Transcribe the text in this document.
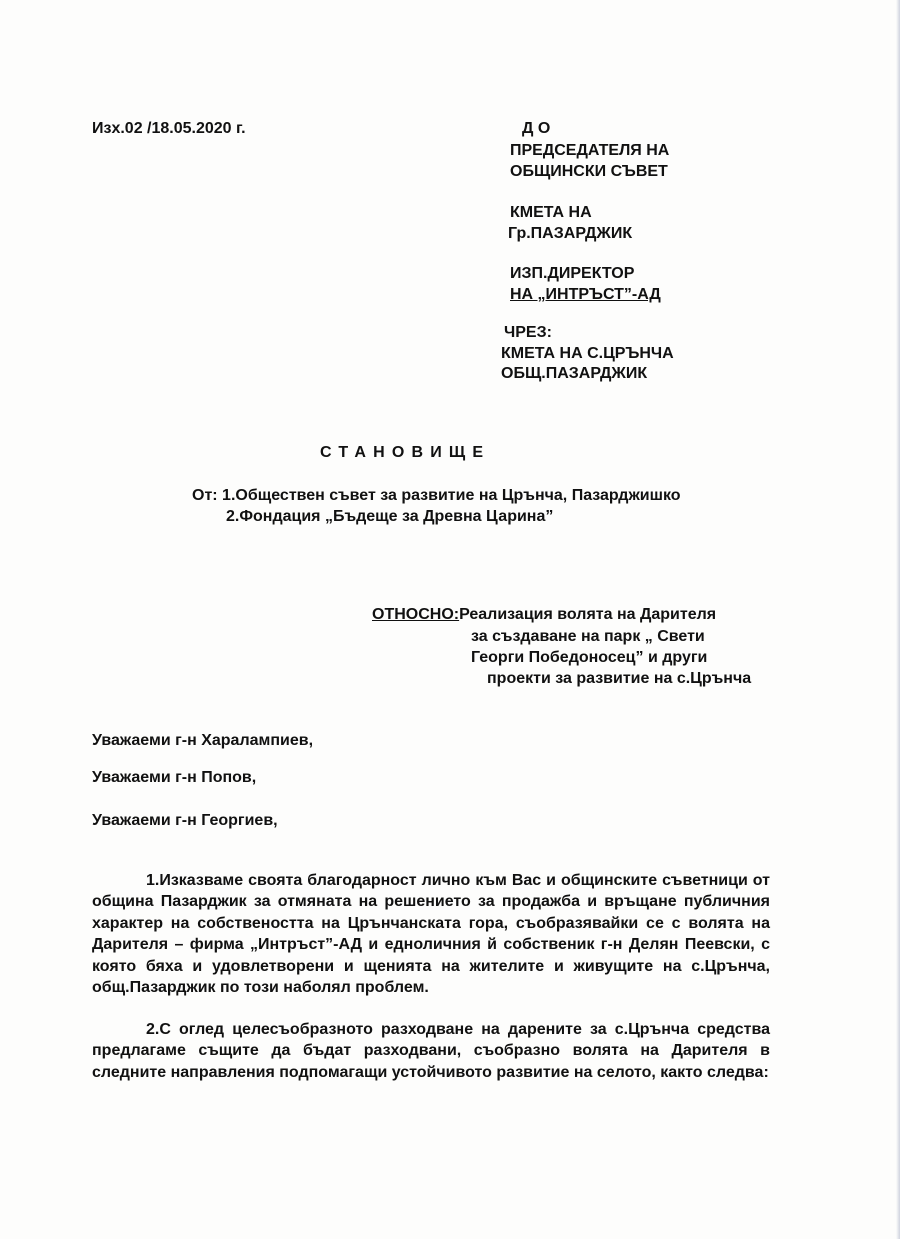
Изх.02 /18.05.2020 г.	Д О
ПРЕДСЕДАТЕЛЯ НА
ОБЩИНСКИ СЪВЕТ
КМЕТА НА
Гр.ПАЗАРДЖИК
ИЗП.ДИРЕКТОР
НА „ИНТРЪСТ”-АД
ЧРЕЗ:
КМЕТА НА С.ЦРЪНЧА
ОБЩ.ПАЗАРДЖИК
СТАНОВИЩЕ
От: 1.Обществен съвет за развитие на Црънча, Пазарджишко
2.Фондация „Бъдеще за Древна Царина”
ОТНОСНО:Реализация волята на Дарителя
за създаване на парк „ Свети
Георги Победоносец” и други
проекти за развитие на с.Црънча
Уважаеми г-н Харалампиев,
Уважаеми г-н Попов,
Уважаеми г-н Георгиев,

1.Изказваме своята благодарност лично към Вас и общинските съветници от община Пазарджик за отмяната на решението за продажба и връщане публичния характер на собствеността на Црънчанската гора, съобразявайки се с волята на Дарителя – фирма „Интръст”-АД и едноличния й собственик г-н Делян Пеевски, с която бяха и удовлетворени и щенията на жителите и живущите на с.Црънча, общ.Пазарджик по този наболял проблем.

2.С оглед целесъобразното разходване на дарените за с.Црънча средства предлагаме същите да бъдат разходвани, съобразно волята на Дарителя в следните направления подпомагащи устойчивото развитие на селото, както следва:
